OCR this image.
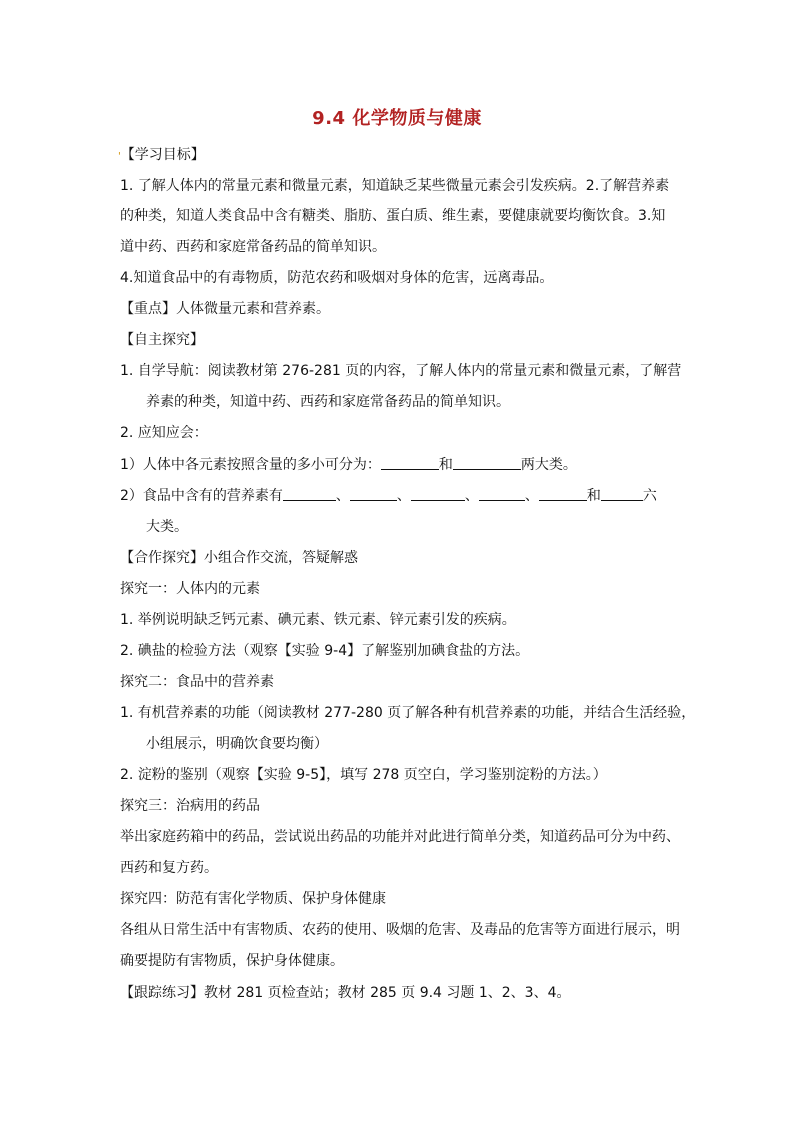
9.4 化学物质与健康
'【学习目标】
1. 了解人体内的常量元素和微量元素，知道缺乏某些微量元素会引发疾病。2.了解营养素
的种类，知道人类食品中含有糖类、脂肪、蛋白质、维生素，要健康就要均衡饮食。3.知
道中药、西药和家庭常备药品的简单知识。
4.知道食品中的有毒物质，防范农药和吸烟对身体的危害，远离毒品。
【重点】人体微量元素和营养素。
【自主探究】
1. 自学导航：阅读教材第 276-281 页的内容，了解人体内的常量元素和微量元素，了解营
养素的种类，知道中药、西药和家庭常备药品的简单知识。
2. 应知应会：
1）人体中各元素按照含量的多小可分为：	和	两大类。
2）食品中含有的营养素有	、	、	、	、	和	六
大类。
【合作探究】小组合作交流，答疑解惑
探究一：人体内的元素
1. 举例说明缺乏钙元素、碘元素、铁元素、锌元素引发的疾病。
2. 碘盐的检验方法（观察【实验 9-4】了解鉴别加碘食盐的方法。
探究二：食品中的营养素
1. 有机营养素的功能（阅读教材 277-280 页了解各种有机营养素的功能，并结合生活经验，
小组展示，明确饮食要均衡）
2. 淀粉的鉴别（观察【实验 9-5】，填写 278 页空白，学习鉴别淀粉的方法。）
探究三：治病用的药品
举出家庭药箱中的药品，尝试说出药品的功能并对此进行简单分类，知道药品可分为中药、
西药和复方药。
探究四：防范有害化学物质、保护身体健康
各组从日常生活中有害物质、农药的使用、吸烟的危害、及毒品的危害等方面进行展示，明
确要提防有害物质，保护身体健康。
【跟踪练习】教材 281 页检查站；教材 285 页 9.4 习题 1、2、3、4。
